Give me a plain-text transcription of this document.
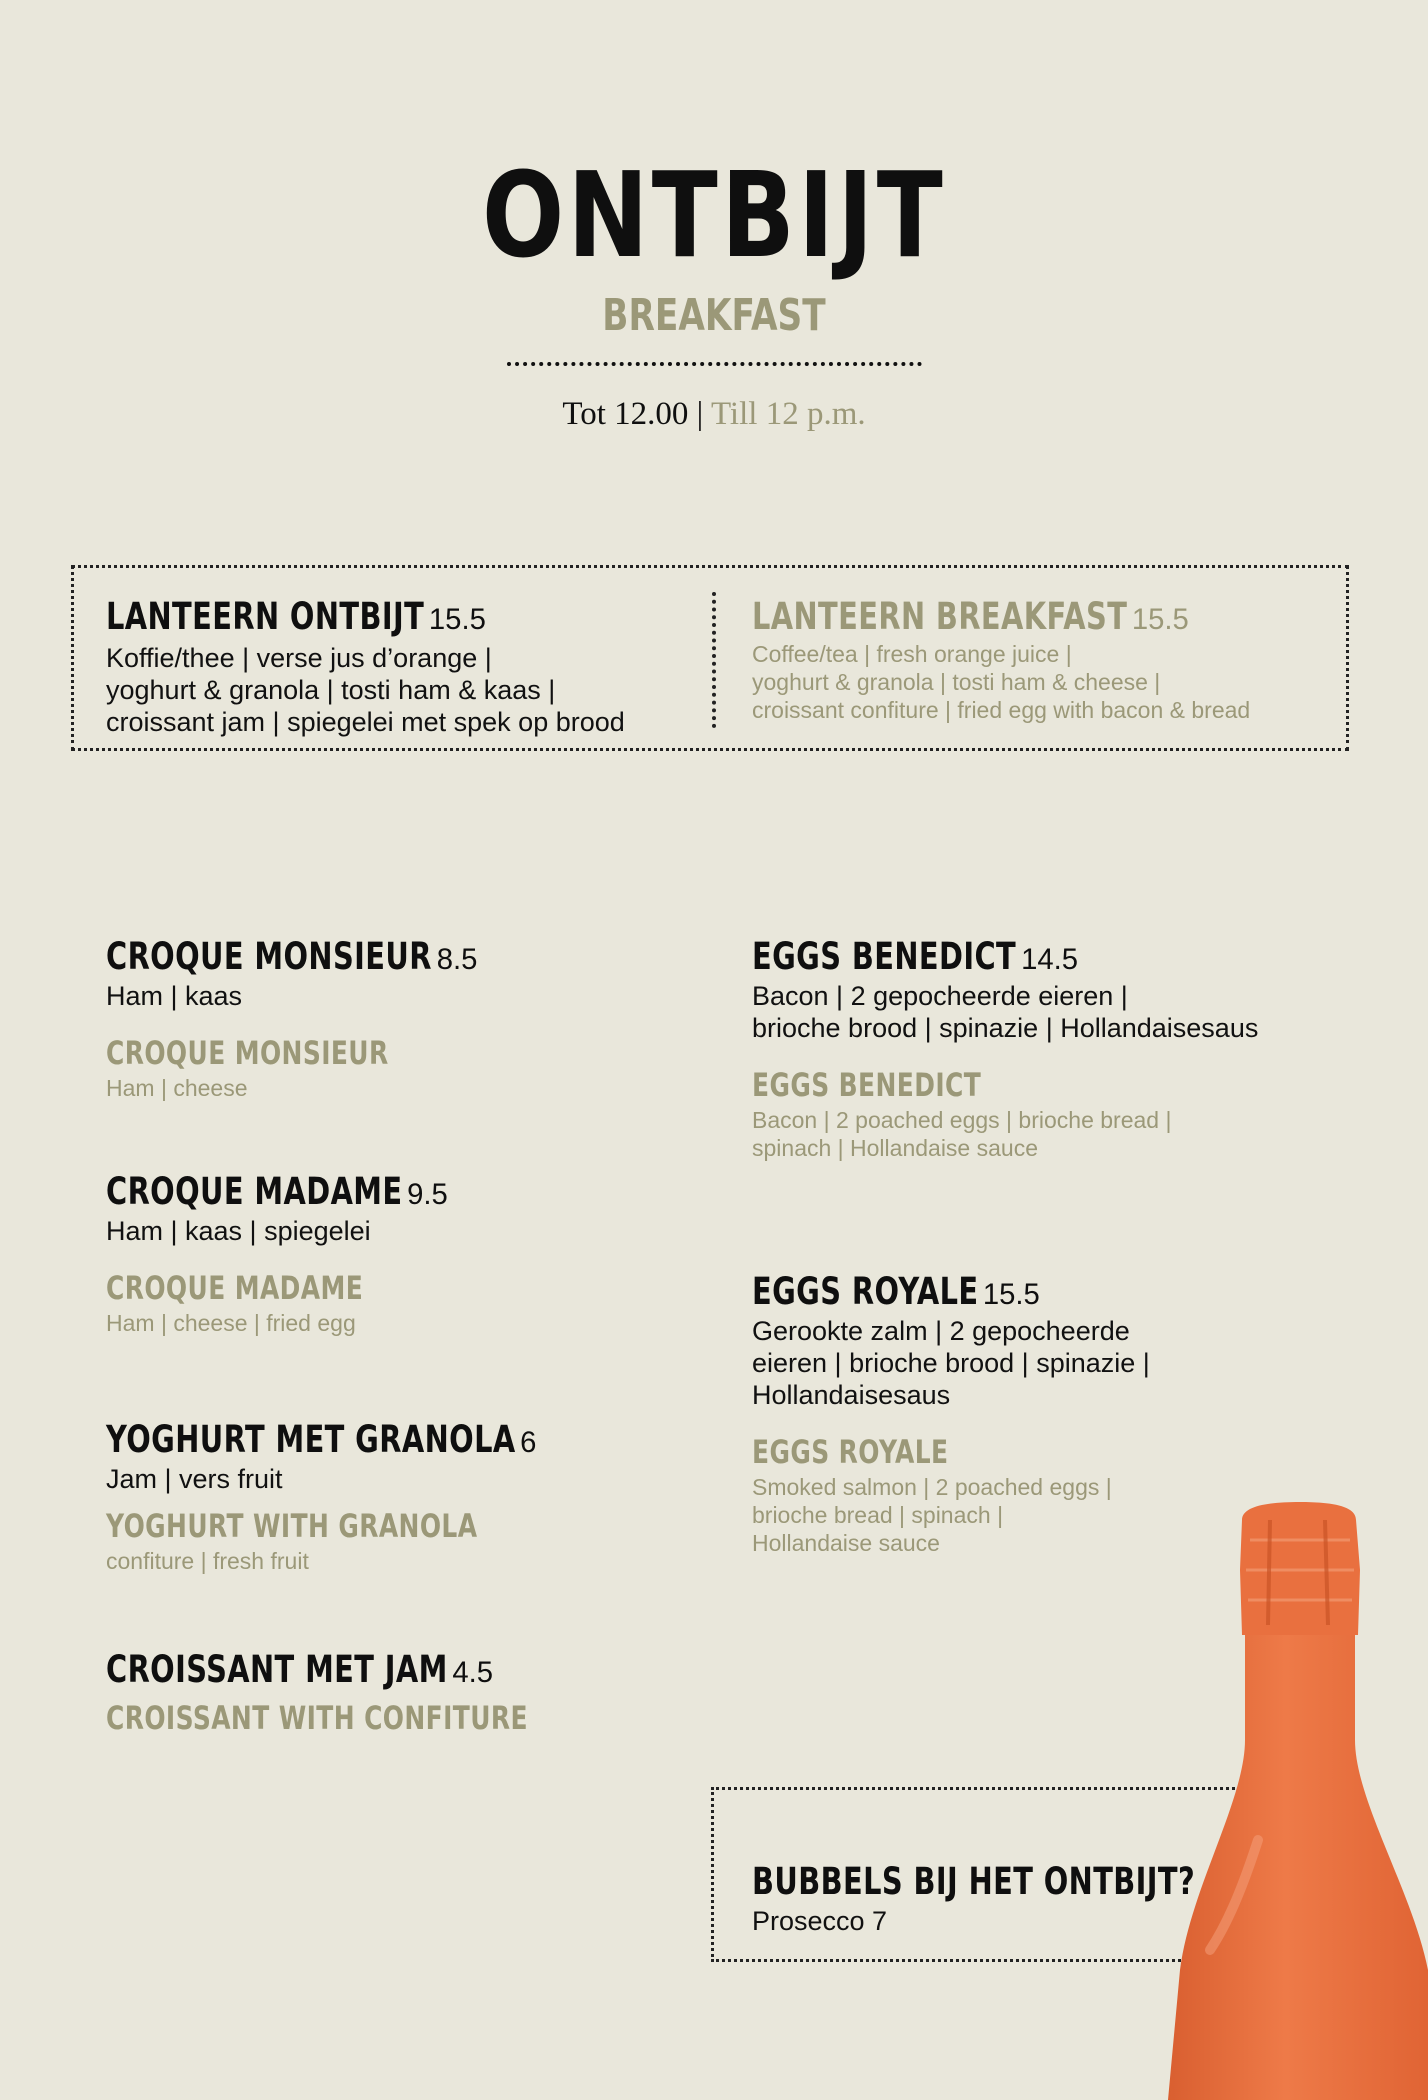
ONTBIJT
BREAKFAST
Tot 12.00 | Till 12 p.m.
LANTEERN ONTBIJT 15.5
Koffie/thee | verse jus d’orange |
yoghurt & granola | tosti ham & kaas |
croissant jam | spiegelei met spek op brood
LANTEERN BREAKFAST 15.5
Coffee/tea | fresh orange juice |
yoghurt & granola | tosti ham & cheese |
croissant confiture | fried egg with bacon & bread
CROQUE MONSIEUR 8.5
Ham | kaas
CROQUE MONSIEUR
Ham | cheese
CROQUE MADAME 9.5
Ham | kaas | spiegelei
CROQUE MADAME
Ham | cheese | fried egg
YOGHURT MET GRANOLA 6
Jam | vers fruit
YOGHURT WITH GRANOLA
confiture | fresh fruit
CROISSANT MET JAM 4.5
CROISSANT WITH CONFITURE
EGGS BENEDICT 14.5
Bacon | 2 gepocheerde eieren |
brioche brood | spinazie | Hollandaisesaus
EGGS BENEDICT
Bacon | 2 poached eggs | brioche bread |
spinach | Hollandaise sauce
EGGS ROYALE 15.5
Gerookte zalm | 2 gepocheerde
eieren | brioche brood | spinazie |
Hollandaisesaus
EGGS ROYALE
Smoked salmon | 2 poached eggs |
brioche bread | spinach |
Hollandaise sauce
BUBBELS BIJ HET ONTBIJT?
Prosecco 7
